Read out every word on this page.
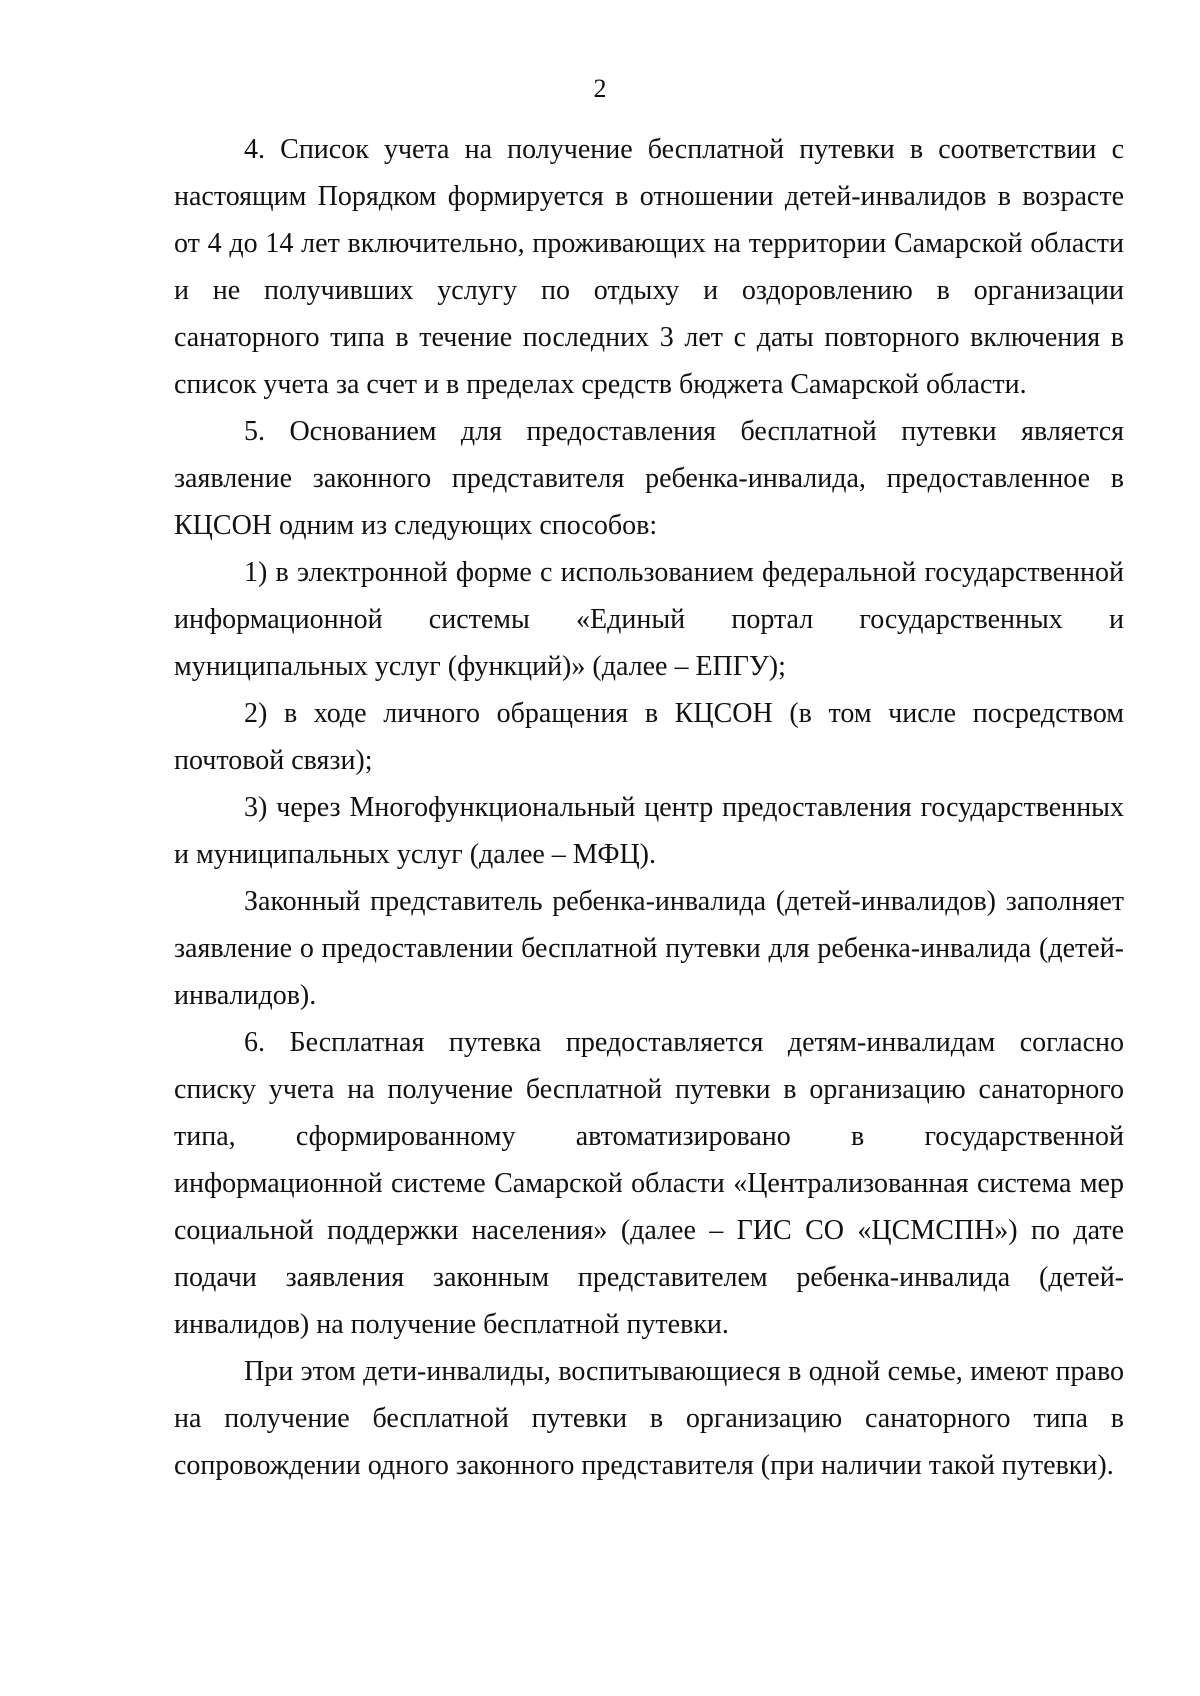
2

4. Список учета на получение бесплатной путевки в соответствии с настоящим Порядком формируется в отношении детей-инвалидов в возрасте от 4 до 14 лет включительно, проживающих на территории Самарской области и не получивших услугу по отдыху и оздоровлению в организации санаторного типа в течение последних 3 лет с даты повторного включения в список учета за счет и в пределах средств бюджета Самарской области.

5. Основанием для предоставления бесплатной путевки является заявление законного представителя ребенка-инвалида, предоставленное в КЦСОН одним из следующих способов:

1) в электронной форме с использованием федеральной государственной информационной системы «Единый портал государственных и муниципальных услуг (функций)» (далее – ЕПГУ);

2) в ходе личного обращения в КЦСОН (в том числе посредством почтовой связи);

3) через Многофункциональный центр предоставления государственных и муниципальных услуг (далее – МФЦ).

Законный представитель ребенка-инвалида (детей-инвалидов) заполняет заявление о предоставлении бесплатной путевки для ребенка-инвалида (детей-инвалидов).

6. Бесплатная путевка предоставляется детям-инвалидам согласно списку учета на получение бесплатной путевки в организацию санаторного типа, сформированному автоматизировано в государственной информационной системе Самарской области «Централизованная система мер социальной поддержки населения» (далее – ГИС СО «ЦСМСПН») по дате подачи заявления законным представителем ребенка-инвалида (детей-инвалидов) на получение бесплатной путевки.

При этом дети-инвалиды, воспитывающиеся в одной семье, имеют право на получение бесплатной путевки в организацию санаторного типа в сопровождении одного законного представителя (при наличии такой путевки).
